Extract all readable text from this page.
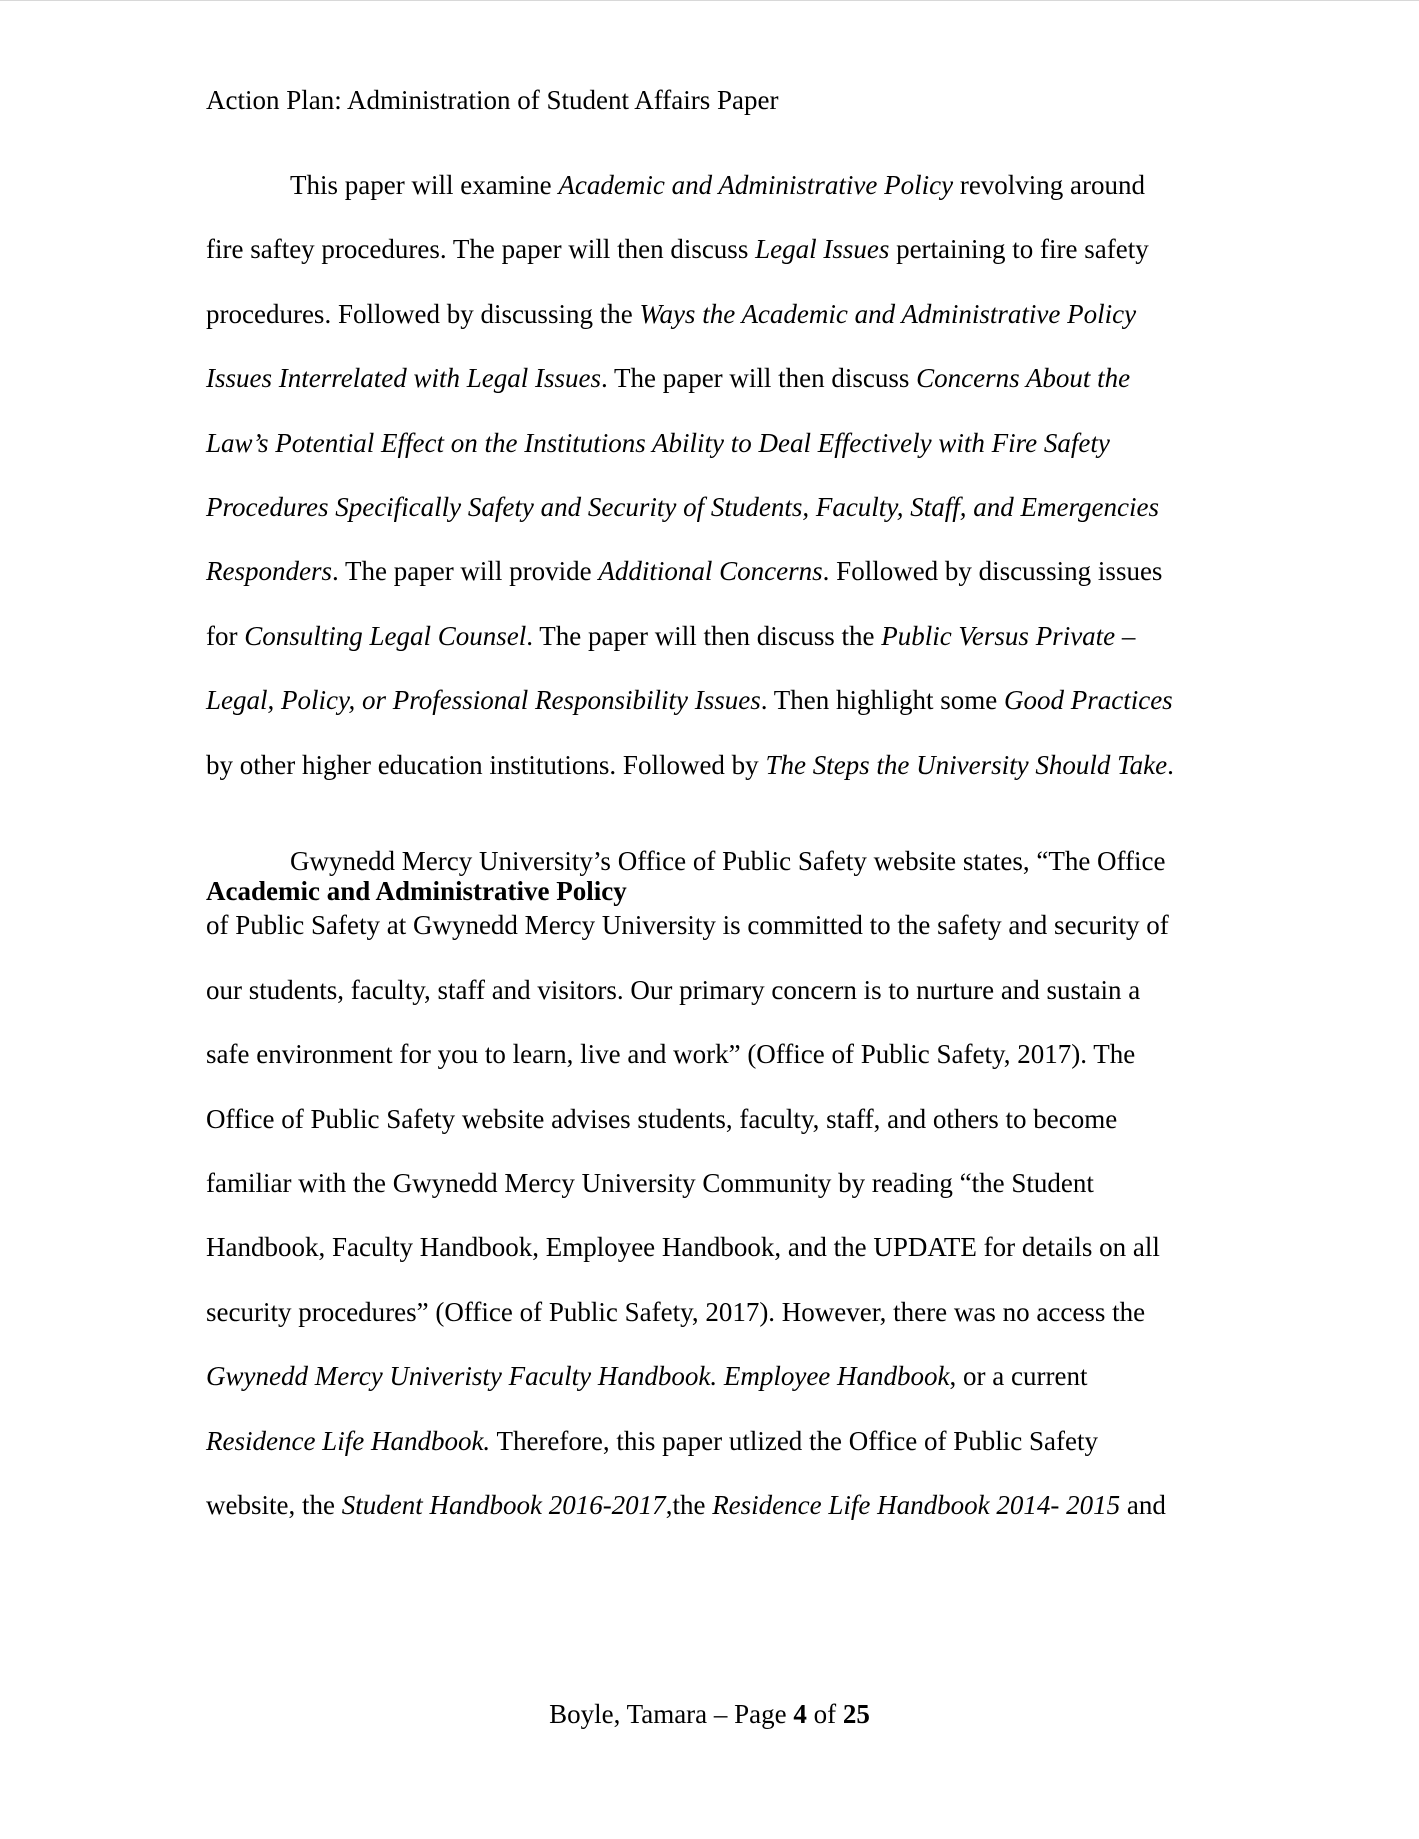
Action Plan: Administration of Student Affairs Paper
This paper will examine Academic and Administrative Policy revolving around
fire saftey procedures. The paper will then discuss Legal Issues pertaining to fire safety
procedures. Followed by discussing the Ways the Academic and Administrative Policy
Issues Interrelated with Legal Issues. The paper will then discuss Concerns About the
Law’s Potential Effect on the Institutions Ability to Deal Effectively with Fire Safety
Procedures Specifically Safety and Security of Students, Faculty, Staff, and Emergencies
Responders. The paper will provide Additional Concerns. Followed by discussing issues
for Consulting Legal Counsel. The paper will then discuss the Public Versus Private –
Legal, Policy, or Professional Responsibility Issues. Then highlight some Good Practices
by other higher education institutions. Followed by The Steps the University Should Take.
Academic and Administrative Policy
Gwynedd Mercy University’s Office of Public Safety website states, “The Office
of Public Safety at Gwynedd Mercy University is committed to the safety and security of
our students, faculty, staff and visitors. Our primary concern is to nurture and sustain a
safe environment for you to learn, live and work” (Office of Public Safety, 2017). The
Office of Public Safety website advises students, faculty, staff, and others to become
familiar with the Gwynedd Mercy University Community by reading “the Student
Handbook, Faculty Handbook, Employee Handbook, and the UPDATE for details on all
security procedures” (Office of Public Safety, 2017). However, there was no access the
Gwynedd Mercy Univeristy Faculty Handbook. Employee Handbook, or a current
Residence Life Handbook. Therefore, this paper utlized the Office of Public Safety
website, the Student Handbook 2016-2017,the Residence Life Handbook 2014- 2015 and
Boyle, Tamara – Page 4 of 25
